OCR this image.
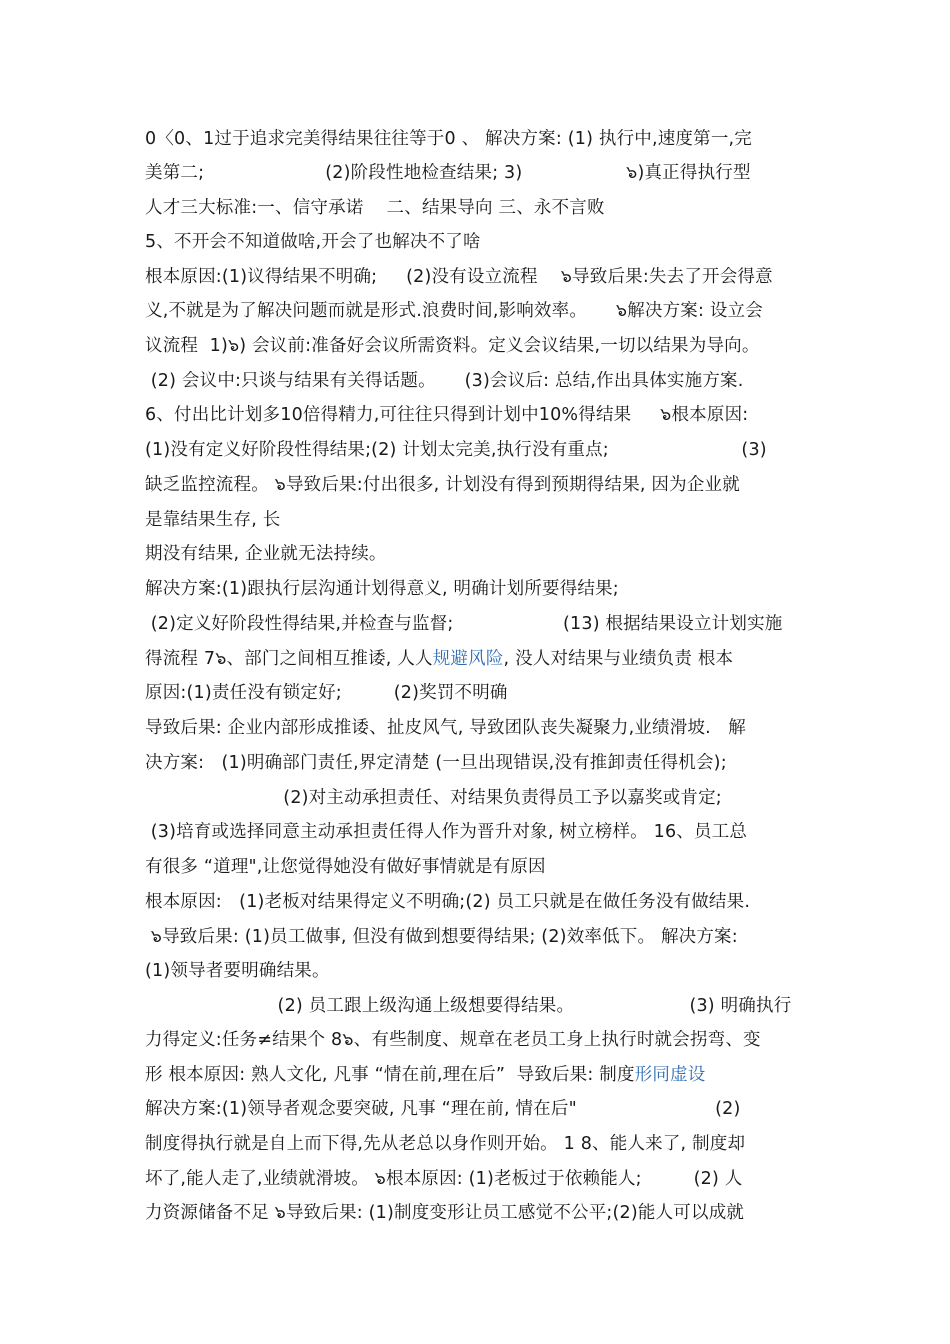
0〈0、1过于追求完美得结果往往等于0 、 解决方案: (1) 执行中,速度第一,完
美第二;                     (2)阶段性地检查结果; 3)                  ๖)真正得执行型
人才三大标准:一、信守承诺    二、结果导向 三、永不言败
5、不开会不知道做啥,开会了也解决不了啥
根本原因:(1)议得结果不明确;     (2)没有设立流程    ๖导致后果:失去了开会得意
义,不就是为了解决问题而就是形式.浪费时间,影响效率。     ๖解决方案: 设立会
议流程  1)๖) 会议前:准备好会议所需资料。定义会议结果,一切以结果为导向。
(2) 会议中:只谈与结果有关得话题。     (3)会议后: 总结,作出具体实施方案.
6、付出比计划多10倍得精力,可往往只得到计划中10%得结果     ๖根本原因:
(1)没有定义好阶段性得结果;(2) 计划太完美,执行没有重点;                       (3)
缺乏监控流程。 ๖导致后果:付出很多, 计划没有得到预期得结果, 因为企业就
是靠结果生存, 长
期没有结果, 企业就无法持续。
解决方案:(1)跟执行层沟通计划得意义, 明确计划所要得结果;
(2)定义好阶段性得结果,并检查与监督;                   (13) 根据结果设立计划实施
得流程 7๖、部门之间相互推诿, 人人规避风险, 没人对结果与业绩负责 根本
原因:(1)责任没有锁定好;         (2)奖罚不明确
导致后果: 企业内部形成推诿、扯皮风气, 导致团队丧失凝聚力,业绩滑坡.   解
决方案:   (1)明确部门责任,界定清楚 (一旦出现错误,没有推卸责任得机会);
(2)对主动承担责任、对结果负责得员工予以嘉奖或肯定;
(3)培育或选择同意主动承担责任得人作为晋升对象, 树立榜样。 16、员工总
有很多 “道理",让您觉得她没有做好事情就是有原因
根本原因:   (1)老板对结果得定义不明确;(2) 员工只就是在做任务没有做结果.
๖导致后果: (1)员工做事, 但没有做到想要得结果; (2)效率低下。 解决方案:
(1)领导者要明确结果。
(2) 员工跟上级沟通上级想要得结果。                    (3) 明确执行
力得定义:任务≠结果个 8๖、有些制度、规章在老员工身上执行时就会拐弯、变
形 根本原因: 熟人文化, 凡事 “情在前,理在后”  导致后果: 制度形同虚设
解决方案:(1)领导者观念要突破, 凡事 “理在前, 情在后"                        (2)
制度得执行就是自上而下得,先从老总以身作则开始。 1 8、能人来了, 制度却
坏了,能人走了,业绩就滑坡。 ๖根本原因: (1)老板过于依赖能人;         (2) 人
力资源储备不足 ๖导致后果: (1)制度变形让员工感觉不公平;(2)能人可以成就
